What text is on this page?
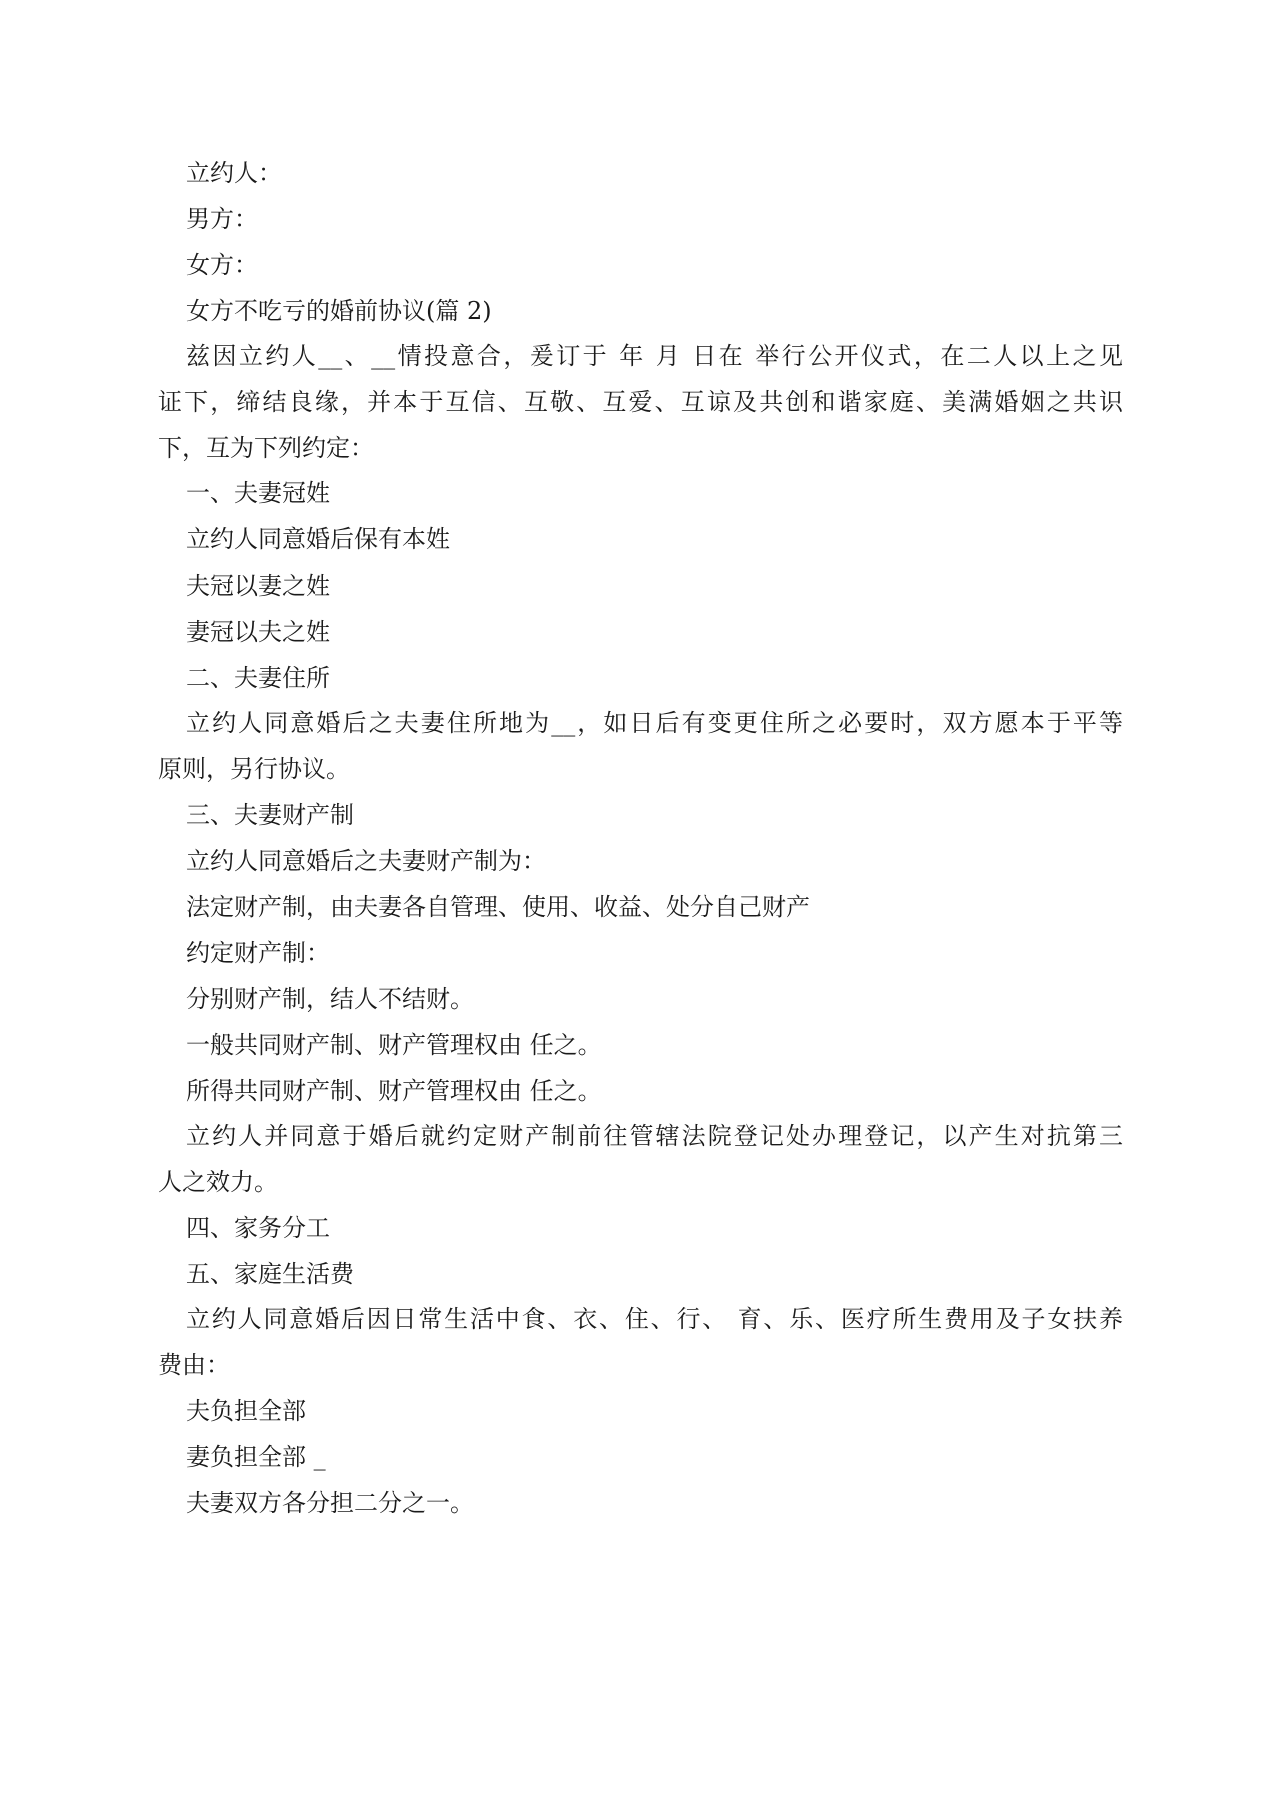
立约人：

男方：

女方：

女方不吃亏的婚前协议(篇 2)

兹因立约人__、__情投意合，爰订于 年 月 日在 举行公开仪式，在二人以上之见
证下，缔结良缘，并本于互信、互敬、互爱、互谅及共创和谐家庭、美满婚姻之共识
下，互为下列约定：

一、夫妻冠姓

立约人同意婚后保有本姓

夫冠以妻之姓

妻冠以夫之姓

二、夫妻住所

立约人同意婚后之夫妻住所地为__，如日后有变更住所之必要时，双方愿本于平等
原则，另行协议。

三、夫妻财产制

立约人同意婚后之夫妻财产制为：

法定财产制，由夫妻各自管理、使用、收益、处分自己财产

约定财产制：

分别财产制，结人不结财。

一般共同财产制、财产管理权由 任之。

所得共同财产制、财产管理权由 任之。

立约人并同意于婚后就约定财产制前往管辖法院登记处办理登记，以产生对抗第三
人之效力。

四、家务分工

五、家庭生活费

立约人同意婚后因日常生活中食、衣、住、行、 育、乐、医疗所生费用及子女扶养
费由：

夫负担全部

妻负担全部 _

夫妻双方各分担二分之一。
